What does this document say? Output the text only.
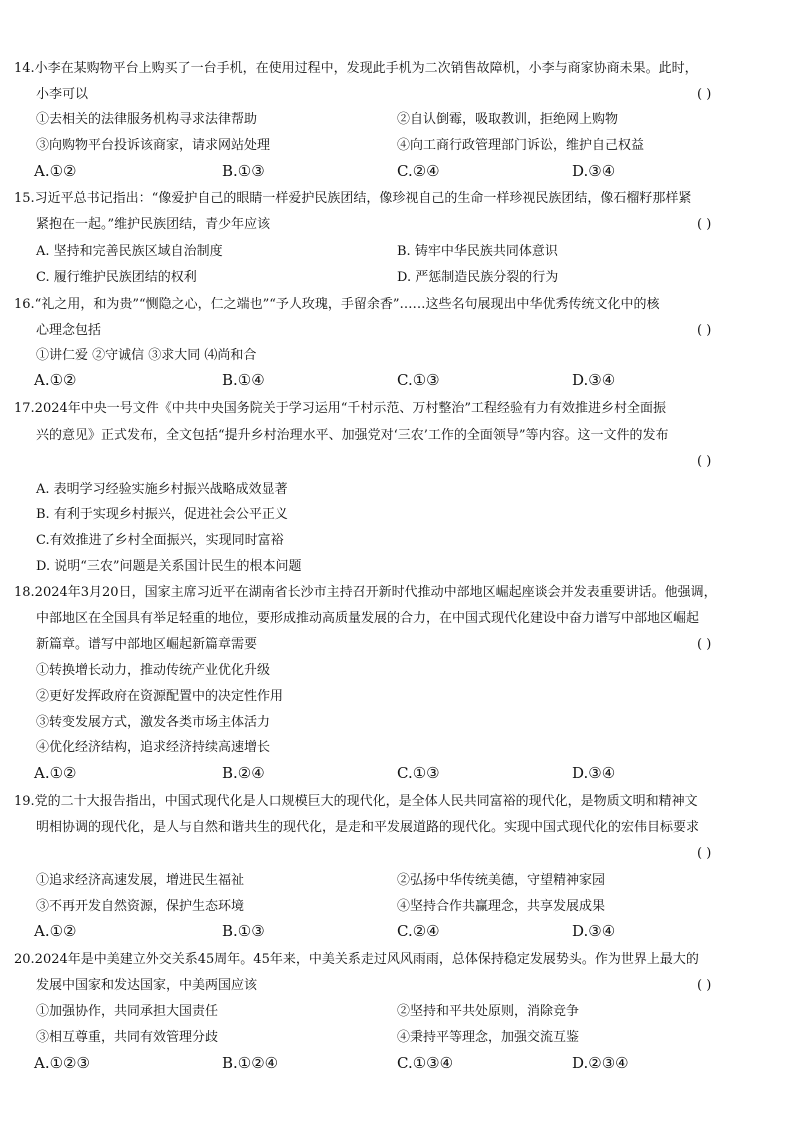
14.小李在某购物平台上购买了一台手机，在使用过程中，发现此手机为二次销售故障机，小李与商家协商未果。此时，
小李可以	( )
①去相关的法律服务机构寻求法律帮助	②自认倒霉，吸取教训，拒绝网上购物
③向购物平台投诉该商家，请求网站处理	④向工商行政管理部门诉讼，维护自己权益
A.①②	B.①③	C.②④	D.③④
15.习近平总书记指出：“像爱护自己的眼睛一样爱护民族团结，像珍视自己的生命一样珍视民族团结，像石榴籽那样紧
紧抱在一起。”维护民族团结，青少年应该	( )
A. 坚持和完善民族区域自治制度	B. 铸牢中华民族共同体意识
C. 履行维护民族团结的权利	D. 严惩制造民族分裂的行为
16.“礼之用，和为贵”“恻隐之心，仁之端也”“予人玫瑰，手留余香”……这些名句展现出中华优秀传统文化中的核
心理念包括	( )
①讲仁爱 ②守诚信 ③求大同 ⑷尚和合
A.①②	B.①④	C.①③	D.③④
17.2024年中央一号文件《中共中央国务院关于学习运用“千村示范、万村整治”工程经验有力有效推进乡村全面振
兴的意见》正式发布，全文包括“提升乡村治理水平、加强党对‘三农’工作的全面领导”等内容。这一文件的发布
( )
A. 表明学习经验实施乡村振兴战略成效显著
B. 有利于实现乡村振兴，促进社会公平正义
C.有效推进了乡村全面振兴，实现同时富裕
D. 说明“三农”问题是关系国计民生的根本问题
18.2024年3月20日，国家主席习近平在湖南省长沙市主持召开新时代推动中部地区崛起座谈会并发表重要讲话。他强调，
中部地区在全国具有举足轻重的地位，要形成推动高质量发展的合力，在中国式现代化建设中奋力谱写中部地区崛起
新篇章。谱写中部地区崛起新篇章需要	( )
①转换增长动力，推动传统产业优化升级
②更好发挥政府在资源配置中的决定性作用
③转变发展方式，激发各类市场主体活力
④优化经济结构，追求经济持续高速增长
A.①②	B.②④	C.①③	D.③④
19.党的二十大报告指出，中国式现代化是人口规模巨大的现代化，是全体人民共同富裕的现代化，是物质文明和精神文
明相协调的现代化，是人与自然和谐共生的现代化，是走和平发展道路的现代化。实现中国式现代化的宏伟目标要求
( )
①追求经济高速发展，增进民生福祉	②弘扬中华传统美德，守望精神家园
③不再开发自然资源，保护生态环境	④坚持合作共赢理念，共享发展成果
A.①②	B.①③	C.②④	D.③④
20.2024年是中美建立外交关系45周年。45年来，中美关系走过风风雨雨，总体保持稳定发展势头。作为世界上最大的
发展中国家和发达国家，中美两国应该	( )
①加强协作，共同承担大国责任	②坚持和平共处原则，消除竞争
③相互尊重，共同有效管理分歧	④秉持平等理念，加强交流互鉴
A.①②③	B.①②④	C.①③④	D.②③④
